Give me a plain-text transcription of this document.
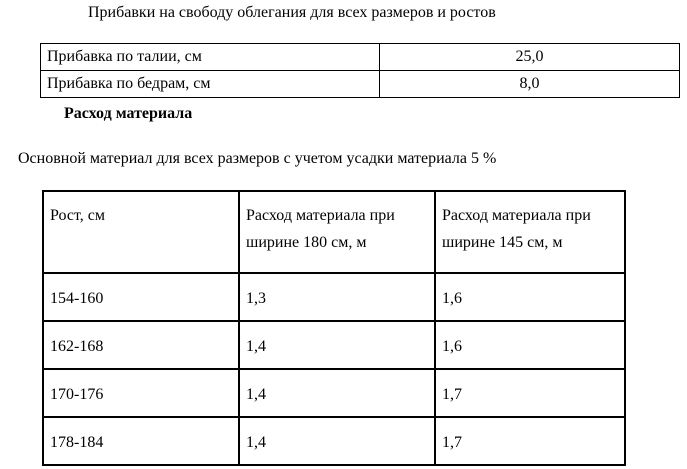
Прибавки на свободу облегания для всех размеров и ростов
Прибавка по талии, см	25,0
Прибавка по бедрам, см	8,0
Расход материала
Основной материал для всех размеров с учетом усадки материала 5 %
Рост, см	Расход материала при ширине 180 см, м	Расход материала при ширине 145 см, м
154-160	1,3	1,6
162-168	1,4	1,6
170-176	1,4	1,7
178-184	1,4	1,7
